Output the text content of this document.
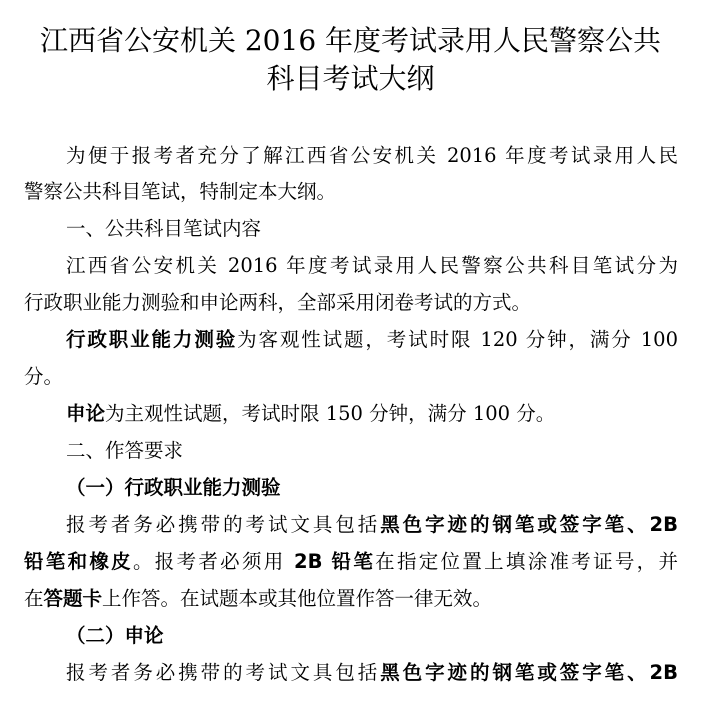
江西省公安机关 2016 年度考试录用人民警察公共
科目考试大纲

为便于报考者充分了解江西省公安机关 2016 年度考试录用人民

警察公共科目笔试，特制定本大纲。

一、公共科目笔试内容

江西省公安机关 2016 年度考试录用人民警察公共科目笔试分为

行政职业能力测验和申论两科，全部采用闭卷考试的方式。

行政职业能力测验为客观性试题，考试时限 120 分钟，满分 100

分。

申论为主观性试题，考试时限 150 分钟，满分 100 分。

二、作答要求

（一）行政职业能力测验

报考者务必携带的考试文具包括黑色字迹的钢笔或签字笔、2B

铅笔和橡皮。报考者必须用 2B 铅笔在指定位置上填涂准考证号，并

在答题卡上作答。在试题本或其他位置作答一律无效。

（二）申论

报考者务必携带的考试文具包括黑色字迹的钢笔或签字笔、2B
